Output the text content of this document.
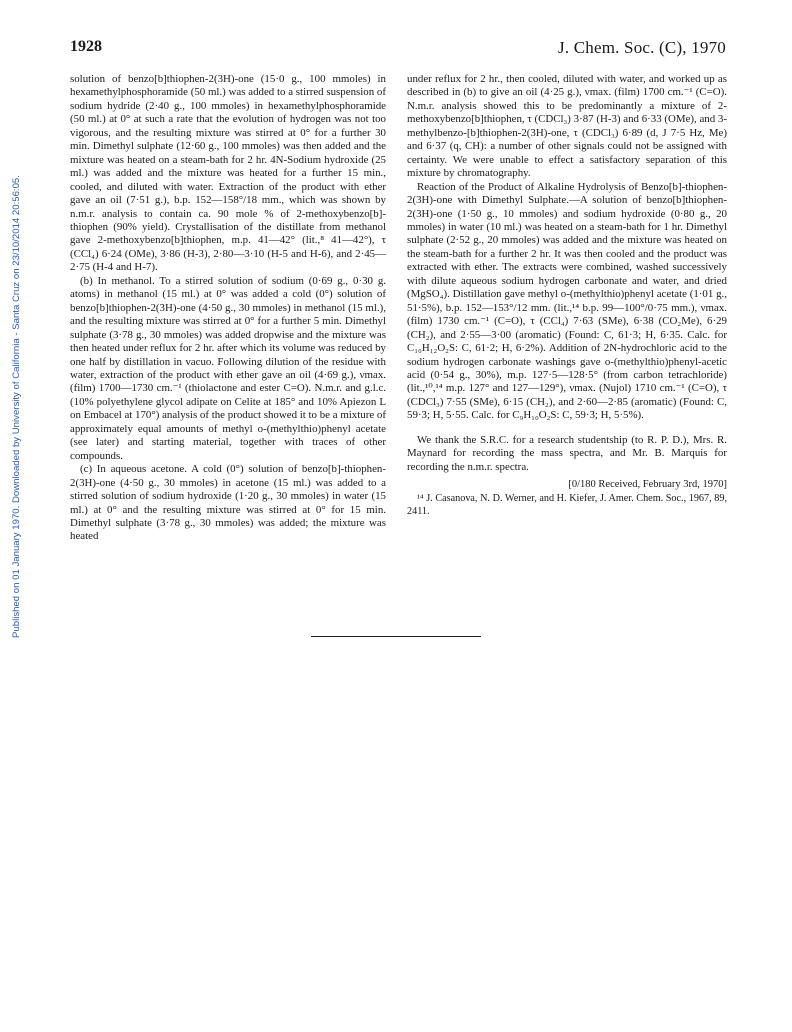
1928	J. Chem. Soc. (C), 1970
Published on 01 January 1970. Downloaded by University of California - Santa Cruz on 23/10/2014 20:56:05.

solution of benzo[b]thiophen-2(3H)-one (15·0 g., 100 mmoles) in hexamethylphosphoramide (50 ml.) was added to a stirred suspension of sodium hydride (2·40 g., 100 mmoles) in hexamethylphosphoramide (50 ml.) at 0° at such a rate that the evolution of hydrogen was not too vigorous, and the resulting mixture was stirred at 0° for a further 30 min. Dimethyl sulphate (12·60 g., 100 mmoles) was then added and the mixture was heated on a steam-bath for 2 hr. 4N-Sodium hydroxide (25 ml.) was added and the mixture was heated for a further 15 min., cooled, and diluted with water. Extraction of the product with ether gave an oil (7·51 g.), b.p. 152—158°/18 mm., which was shown by n.m.r. analysis to contain ca. 90 mole % of 2-methoxybenzo[b]-thiophen (90% yield). Crystallisation of the distillate from methanol gave 2-methoxybenzo[b]thiophen, m.p. 41—42° (lit.,⁸ 41—42°), τ (CCl₄) 6·24 (OMe), 3·86 (H-3), 2·80—3·10 (H-5 and H-6), and 2·45—2·75 (H-4 and H-7).

(b) In methanol. To a stirred solution of sodium (0·69 g., 0·30 g. atoms) in methanol (15 ml.) at 0° was added a cold (0°) solution of benzo[b]thiophen-2(3H)-one (4·50 g., 30 mmoles) in methanol (15 ml.), and the resulting mixture was stirred at 0° for a further 5 min. Dimethyl sulphate (3·78 g., 30 mmoles) was added dropwise and the mixture was then heated under reflux for 2 hr. after which its volume was reduced by one half by distillation in vacuo. Following dilution of the residue with water, extraction of the product with ether gave an oil (4·69 g.), νmax. (film) 1700—1730 cm.⁻¹ (thiolactone and ester C=O). N.m.r. and g.l.c. (10% polyethylene glycol adipate on Celite at 185° and 10% Apiezon L on Embacel at 170°) analysis of the product showed it to be a mixture of approximately equal amounts of methyl o-(methylthio)phenyl acetate (see later) and starting material, together with traces of other compounds.

(c) In aqueous acetone. A cold (0°) solution of benzo[b]-thiophen-2(3H)-one (4·50 g., 30 mmoles) in acetone (15 ml.) was added to a stirred solution of sodium hydroxide (1·20 g., 30 mmoles) in water (15 ml.) at 0° and the resulting mixture was stirred at 0° for 15 min. Dimethyl sulphate (3·78 g., 30 mmoles) was added; the mixture was heated

under reflux for 2 hr., then cooled, diluted with water, and worked up as described in (b) to give an oil (4·25 g.), νmax. (film) 1700 cm.⁻¹ (C=O). N.m.r. analysis showed this to be predominantly a mixture of 2-methoxybenzo[b]thiophen, τ (CDCl₃) 3·87 (H-3) and 6·33 (OMe), and 3-methylbenzo-[b]thiophen-2(3H)-one, τ (CDCl₃) 6·89 (d, J 7·5 Hz, Me) and 6·37 (q, CH): a number of other signals could not be assigned with certainty. We were unable to effect a satisfactory separation of this mixture by chromatography.

Reaction of the Product of Alkaline Hydrolysis of Benzo[b]-thiophen-2(3H)-one with Dimethyl Sulphate.—A solution of benzo[b]thiophen-2(3H)-one (1·50 g., 10 mmoles) and sodium hydroxide (0·80 g., 20 mmoles) in water (10 ml.) was heated on a steam-bath for 1 hr. Dimethyl sulphate (2·52 g., 20 mmoles) was added and the mixture was heated on the steam-bath for a further 2 hr. It was then cooled and the product was extracted with ether. The extracts were combined, washed successively with dilute aqueous sodium hydrogen carbonate and water, and dried (MgSO₄). Distillation gave methyl o-(methylthio)phenyl acetate (1·01 g., 51·5%), b.p. 152—153°/12 mm. (lit.,¹⁴ b.p. 99—100°/0·75 mm.), νmax. (film) 1730 cm.⁻¹ (C=O), τ (CCl₄) 7·63 (SMe), 6·38 (CO₂Me), 6·29 (CH₂), and 2·55—3·00 (aromatic) (Found: C, 61·3; H, 6·35. Calc. for C₁₀H₁₂O₂S: C, 61·2; H, 6·2%). Addition of 2N-hydrochloric acid to the sodium hydrogen carbonate washings gave o-(methylthio)phenyl-acetic acid (0·54 g., 30%), m.p. 127·5—128·5° (from carbon tetrachloride) (lit.,¹⁰,¹⁴ m.p. 127° and 127—129°), νmax. (Nujol) 1710 cm.⁻¹ (C=O), τ (CDCl₃) 7·55 (SMe), 6·15 (CH₂), and 2·60—2·85 (aromatic) (Found: C, 59·3; H, 5·55. Calc. for C₉H₁₀O₂S: C, 59·3; H, 5·5%).

We thank the S.R.C. for a research studentship (to R. P. D.), Mrs. R. Maynard for recording the mass spectra, and Mr. B. Marquis for recording the n.m.r. spectra.

[0/180 Received, February 3rd, 1970]

¹⁴ J. Casanova, N. D. Werner, and H. Kiefer, J. Amer. Chem. Soc., 1967, 89, 2411.
